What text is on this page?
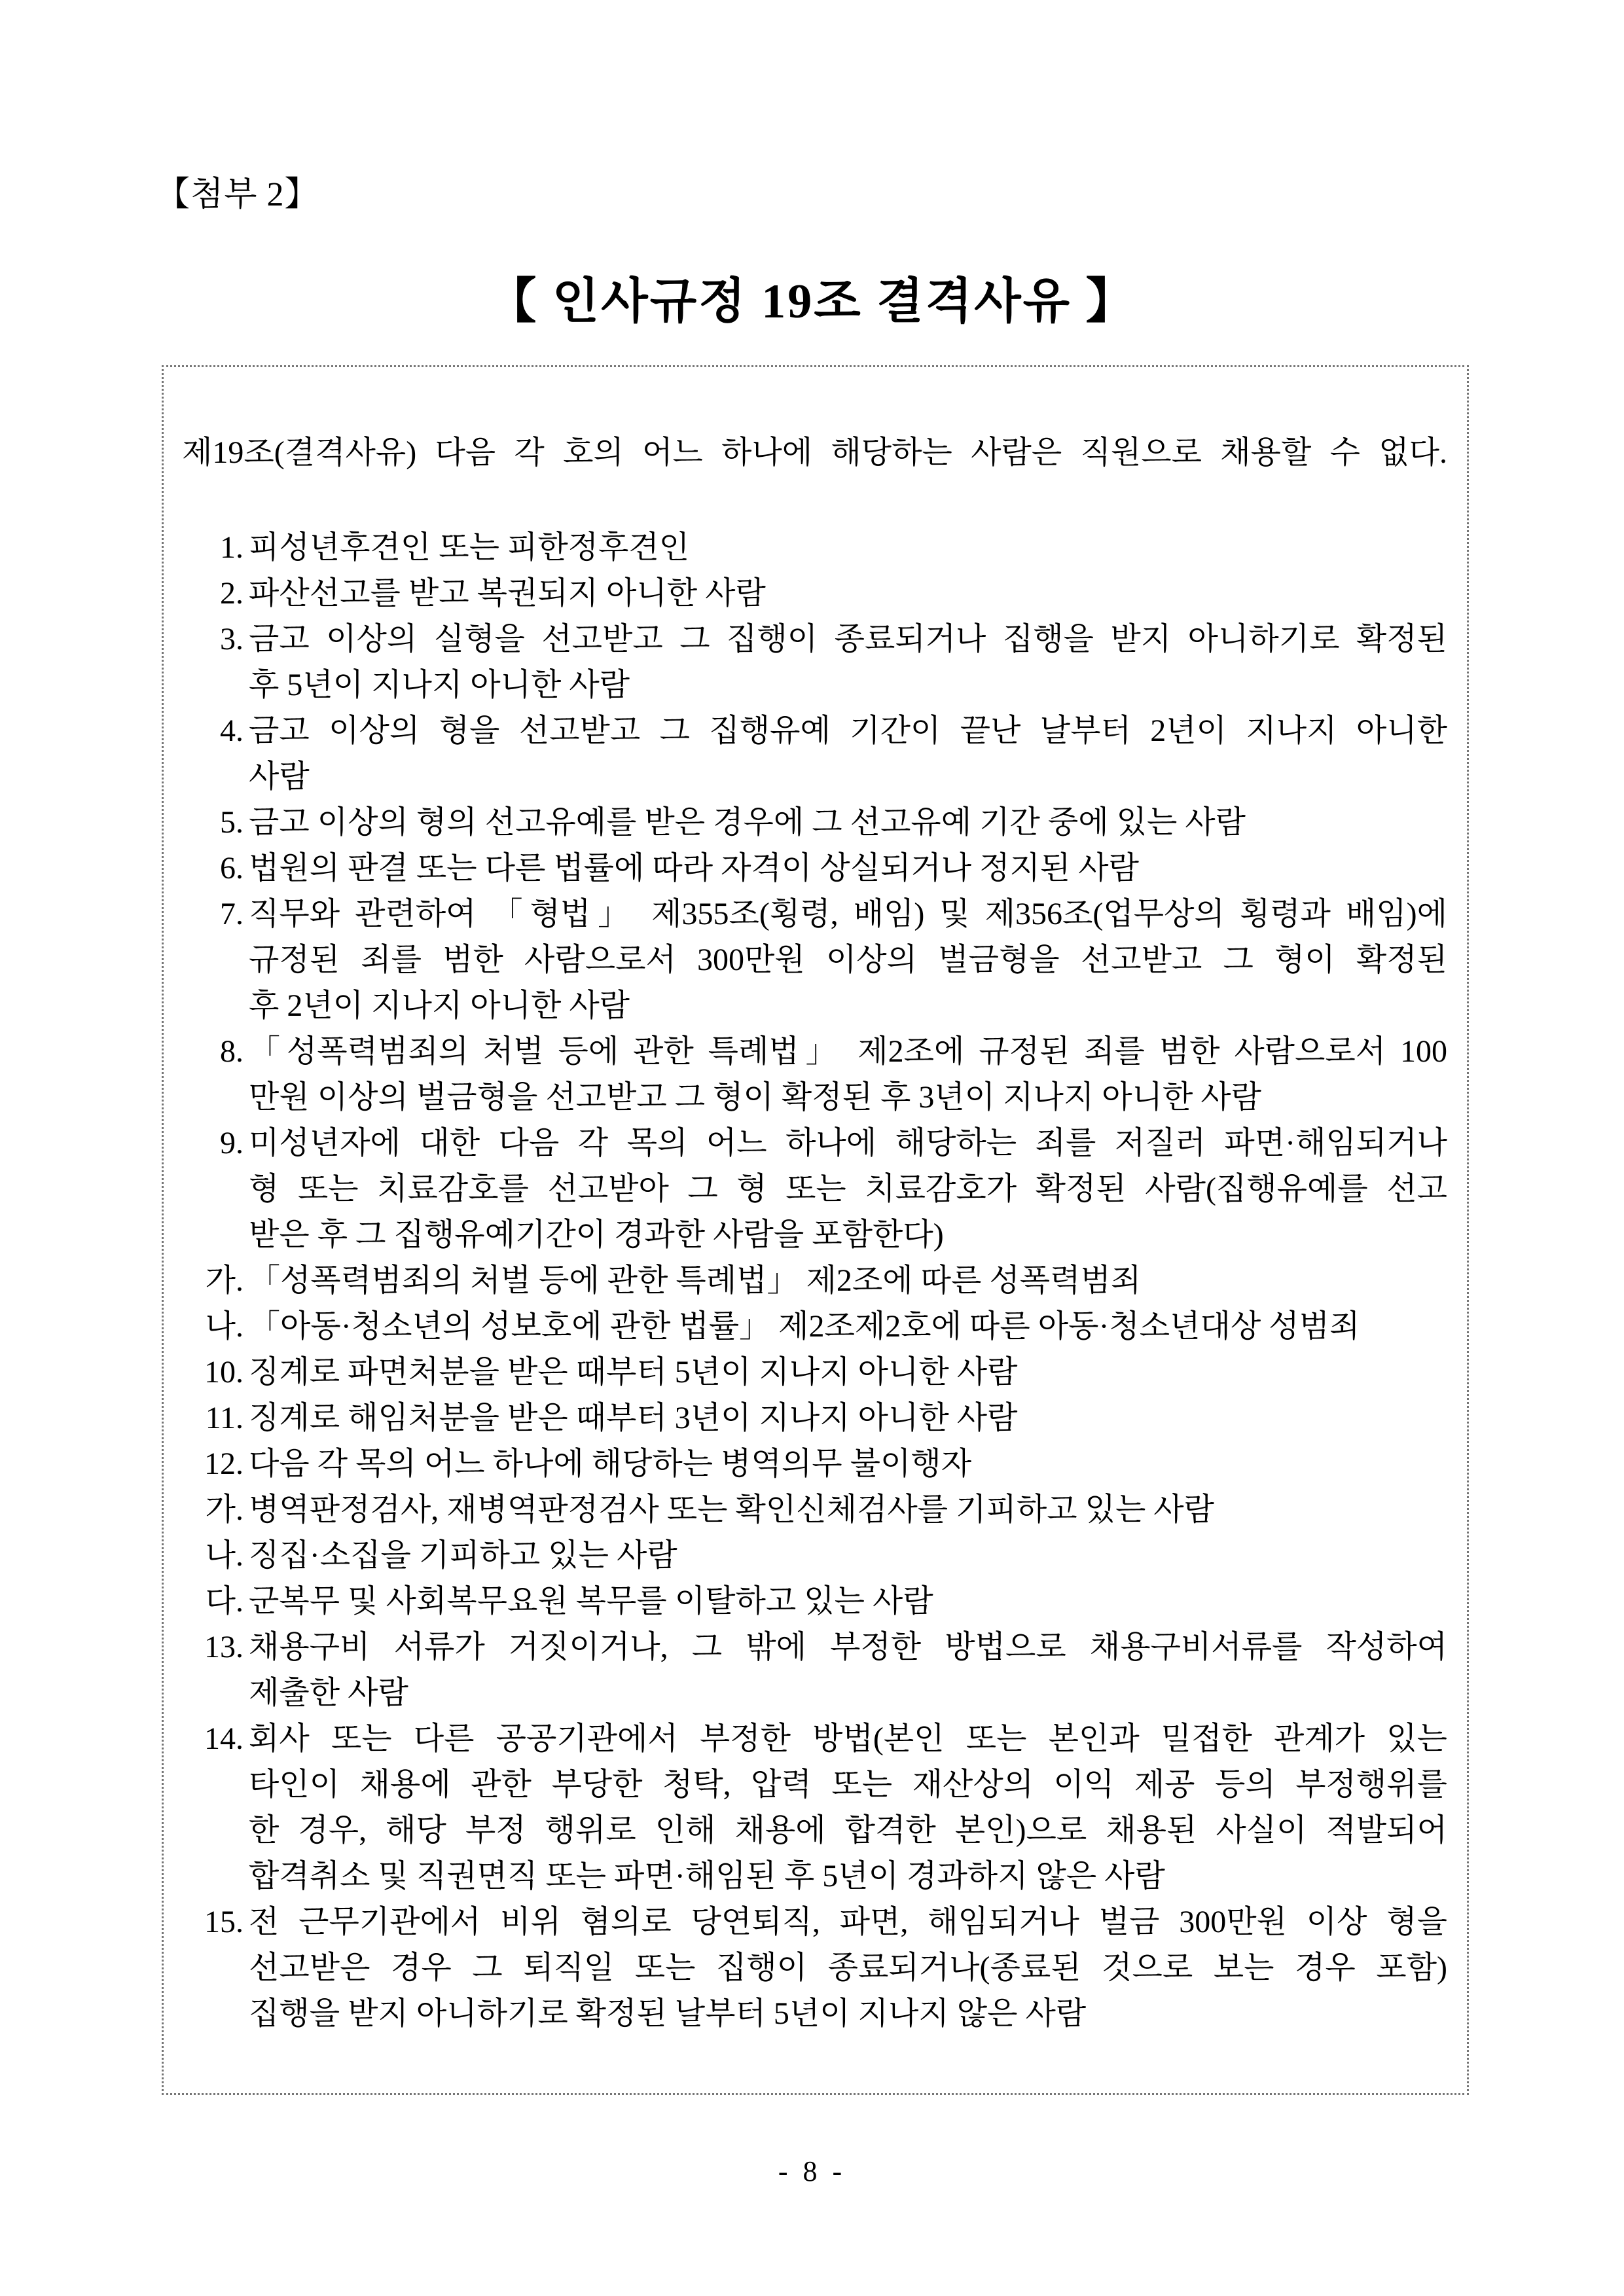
【첨부 2】
【 인사규정 19조 결격사유 】

제19조(결격사유) 다음 각 호의 어느 하나에 해당하는 사람은 직원으로 채용할 수 없다.

1. 피성년후견인 또는 피한정후견인
2. 파산선고를 받고 복권되지 아니한 사람
3. 금고 이상의 실형을 선고받고 그 집행이 종료되거나 집행을 받지 아니하기로 확정된
후 5년이 지나지 아니한 사람
4. 금고 이상의 형을 선고받고 그 집행유예 기간이 끝난 날부터 2년이 지나지 아니한
사람
5. 금고 이상의 형의 선고유예를 받은 경우에 그 선고유예 기간 중에 있는 사람
6. 법원의 판결 또는 다른 법률에 따라 자격이 상실되거나 정지된 사람
7. 직무와 관련하여 「형법」 제355조(횡령, 배임) 및 제356조(업무상의 횡령과 배임)에
규정된 죄를 범한 사람으로서 300만원 이상의 벌금형을 선고받고 그 형이 확정된
후 2년이 지나지 아니한 사람
8. 「성폭력범죄의 처벌 등에 관한 특례법」 제2조에 규정된 죄를 범한 사람으로서 100
만원 이상의 벌금형을 선고받고 그 형이 확정된 후 3년이 지나지 아니한 사람
9. 미성년자에 대한 다음 각 목의 어느 하나에 해당하는 죄를 저질러 파면·해임되거나
형 또는 치료감호를 선고받아 그 형 또는 치료감호가 확정된 사람(집행유예를 선고
받은 후 그 집행유예기간이 경과한 사람을 포함한다)
가. 「성폭력범죄의 처벌 등에 관한 특례법」 제2조에 따른 성폭력범죄
나. 「아동·청소년의 성보호에 관한 법률」 제2조제2호에 따른 아동·청소년대상 성범죄
10. 징계로 파면처분을 받은 때부터 5년이 지나지 아니한 사람
11. 징계로 해임처분을 받은 때부터 3년이 지나지 아니한 사람
12. 다음 각 목의 어느 하나에 해당하는 병역의무 불이행자
가. 병역판정검사, 재병역판정검사 또는 확인신체검사를 기피하고 있는 사람
나. 징집·소집을 기피하고 있는 사람
다. 군복무 및 사회복무요원 복무를 이탈하고 있는 사람
13. 채용구비 서류가 거짓이거나, 그 밖에 부정한 방법으로 채용구비서류를 작성하여
제출한 사람
14. 회사 또는 다른 공공기관에서 부정한 방법(본인 또는 본인과 밀접한 관계가 있는
타인이 채용에 관한 부당한 청탁, 압력 또는 재산상의 이익 제공 등의 부정행위를
한 경우, 해당 부정 행위로 인해 채용에 합격한 본인)으로 채용된 사실이 적발되어
합격취소 및 직권면직 또는 파면·해임된 후 5년이 경과하지 않은 사람
15. 전 근무기관에서 비위 혐의로 당연퇴직, 파면, 해임되거나 벌금 300만원 이상 형을
선고받은 경우 그 퇴직일 또는 집행이 종료되거나(종료된 것으로 보는 경우 포함)
집행을 받지 아니하기로 확정된 날부터 5년이 지나지 않은 사람
- 8 -
